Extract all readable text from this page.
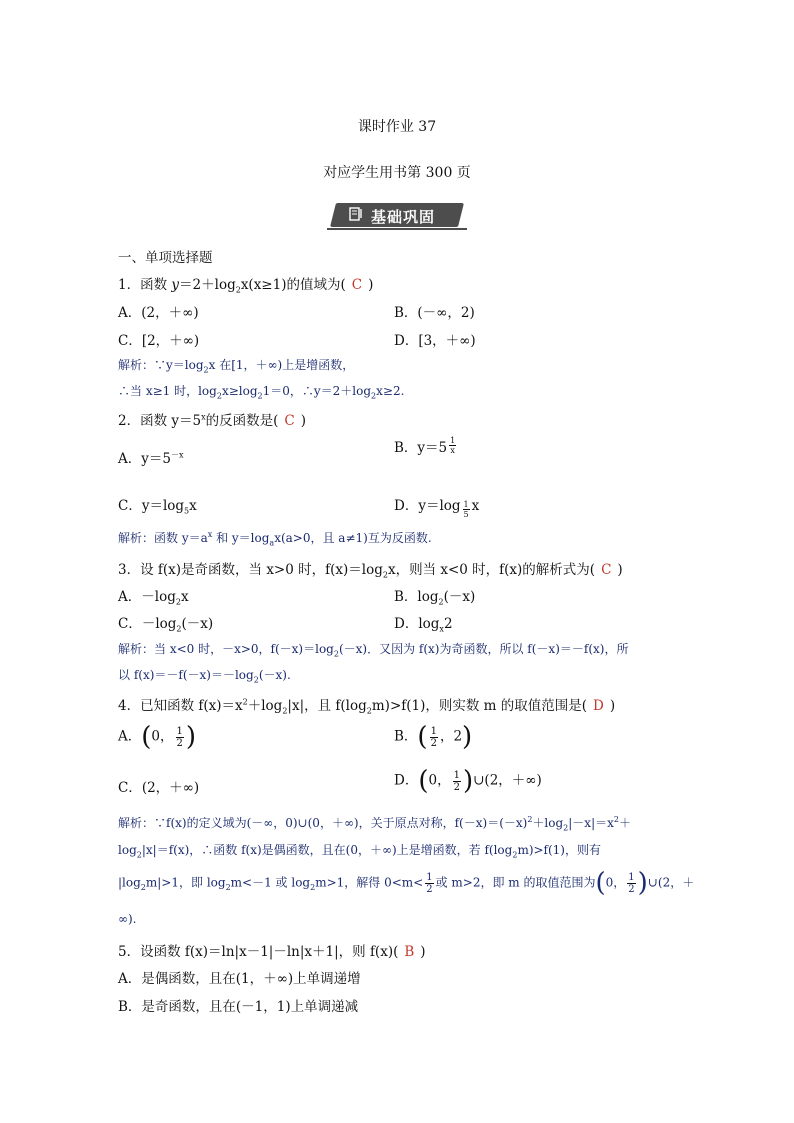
课时作业 37
对应学生用书第 300 页
基础巩固
一、单项选择题
1．函数 $y=2+\log_2x(x\ge 1)$的值域为( C )
A．(2，＋∞)	B．(－∞，2)
C．[2，＋∞)	D．[3，＋∞)
解析：$\because y=\log_2x$ 在[1，＋∞)上是增函数，
∴当 x≥1 时，$\log_2x\ge\log_21=0$，$\therefore y=2+\log_2x\ge 2$.
2．函数 $y=5^x$的反函数是( C )
A．$y=5^{-x}$	B．$y=5 \frac{1}{x}$
C．$y=\log_5x$	D．$y=\log \frac{1}{5}$ x
解析：函数 $y=a^x$ 和 $y=\log_ax(a>0$，且 a≠1)互为反函数.
3．设 f(x)是奇函数，当 x>0 时，$f(x)=\log_2x$，则当 x<0 时，f(x)的解析式为( C )
A．$-\log_2x$	B．$\log_2(-x)$
C．$-\log_2(-x)$	D．$\log_x2$
解析：当 x<0 时，－x>0，$f(-x)=\log_2(-x)$．又因为 f(x)为奇函数，所以 f(－x)＝－f(x)，所
以 $f(x)=-f(-x)=-\log_2(-x)$.
4．已知函数 $f(x)=x^2+\log_2|x|$，且 $f(\log_2m)>f(1)$，则实数 m 的取值范围是( D )
A．(0， $\frac{1}{2}$ )	B．( $\frac{1}{2}$ ，2)
C．(2，＋∞)	D．(0， $\frac{1}{2}$ )∪(2，＋∞)
解析：∵f(x)的定义域为(－∞，0)∪(0，＋∞)，关于原点对称，$f(-x)=(-x)^2+\log_2|-x|=x^2+$
$\log_2|x|=f(x)$，∴函数 f(x)是偶函数，且在(0，＋∞)上是增函数，若 $f(\log_2m)>f(1)$，则有
$|\log_2m|>1$，即 $\log_2m<-1$ 或 $\log_2m>1$，解得 $0<m< \frac{1}{2}$ 或 m>2，即 m 的取值范围为(0， $\frac{1}{2}$ )∪(2，＋
∞).
5．设函数 f(x)＝ln|x－1|－ln|x＋1|，则 f(x)( B )
A．是偶函数，且在(1，＋∞)上单调递增
B．是奇函数，且在(－1，1)上单调递减
